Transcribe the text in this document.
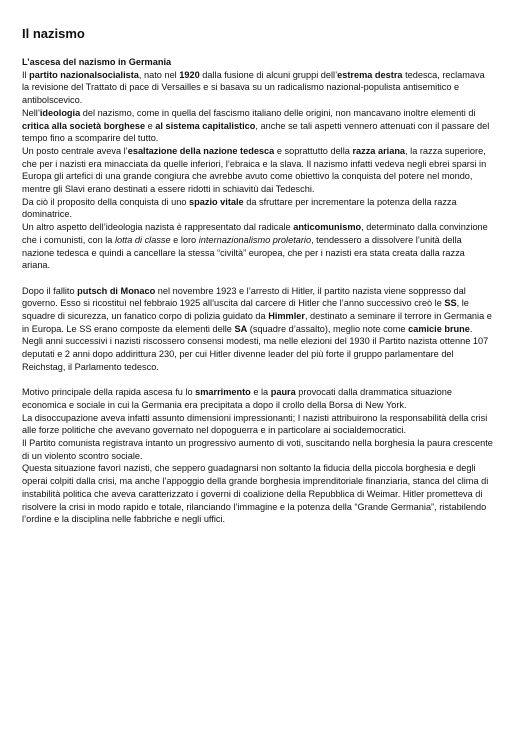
Il nazismo
L’ascesa del nazismo in Germania

Il partito nazionalsocialista, nato nel 1920 dalla fusione di alcuni gruppi dell’estrema destra tedesca, reclamava la revisione del Trattato di pace di Versailles e si basava su un radicalismo nazional-populista antisemitico e antibolscevico.

Nell’ideologia del nazismo, come in quella del fascismo italiano delle origini, non mancavano inoltre elementi di critica alla società borghese e al sistema capitalistico, anche se tali aspetti vennero attenuati con il passare del tempo fino a scomparire del tutto.

Un posto centrale aveva l’esaltazione della nazione tedesca e soprattutto della razza ariana, la razza superiore, che per i nazisti era minacciata da quelle inferiori, l’ebraica e la slava. Il nazismo infatti vedeva negli ebrei sparsi in Europa gli artefici di una grande congiura che avrebbe avuto come obiettivo la conquista del potere nel mondo, mentre gli Slavi erano destinati a essere ridotti in schiavitù dai Tedeschi.

Da ciò il proposito della conquista di uno spazio vitale da sfruttare per incrementare la potenza della razza dominatrice.

Un altro aspetto dell’ideologia nazista è rappresentato dal radicale anticomunismo, determinato dalla convinzione che i comunisti, con la lotta di classe e loro internazionalismo proletario, tendessero a dissolvere l’unità della nazione tedesca e quindi a cancellare la stessa “civiltà” europea, che per i nazisti era stata creata dalla razza ariana.

Dopo il fallito putsch di Monaco nel novembre 1923 e l’arresto di Hitler, il partito nazista viene soppresso dal governo. Esso si ricostituì nel febbraio 1925 all’uscita dal carcere di Hitler che l’anno successivo creò le SS, le squadre di sicurezza, un fanatico corpo di polizia guidato da Himmler, destinato a seminare il terrore in Germania e in Europa. Le SS erano composte da elementi delle SA (squadre d’assalto), meglio note come camicie brune.

Negli anni successivi i nazisti riscossero consensi modesti, ma nelle elezioni del 1930 il Partito nazista ottenne 107 deputati e 2 anni dopo addirittura 230, per cui Hitler divenne leader del più forte il gruppo parlamentare del Reichstag, il Parlamento tedesco.

Motivo principale della rapida ascesa fu lo smarrimento e la paura provocati dalla drammatica situazione economica e sociale in cui la Germania era precipitata a dopo il crollo della Borsa di New York.

La disoccupazione aveva infatti assunto dimensioni impressionanti; I nazisti attribuirono la responsabilità della crisi alle forze politiche che avevano governato nel dopoguerra e in particolare ai socialdemocratici.

Il Partito comunista registrava intanto un progressivo aumento di voti, suscitando nella borghesia la paura crescente di un violento scontro sociale.

Questa situazione favorì nazisti, che seppero guadagnarsi non soltanto la fiducia della piccola borghesia e degli operai colpiti dalla crisi, ma anche l’appoggio della grande borghesia imprenditoriale finanziaria, stanca del clima di instabilità politica che aveva caratterizzato i governi di coalizione della Repubblica di Weimar. Hitler prometteva di risolvere la crisi in modo rapido e totale, rilanciando l’immagine e la potenza della “Grande Germania”, ristabilendo l’ordine e la disciplina nelle fabbriche e negli uffici.
